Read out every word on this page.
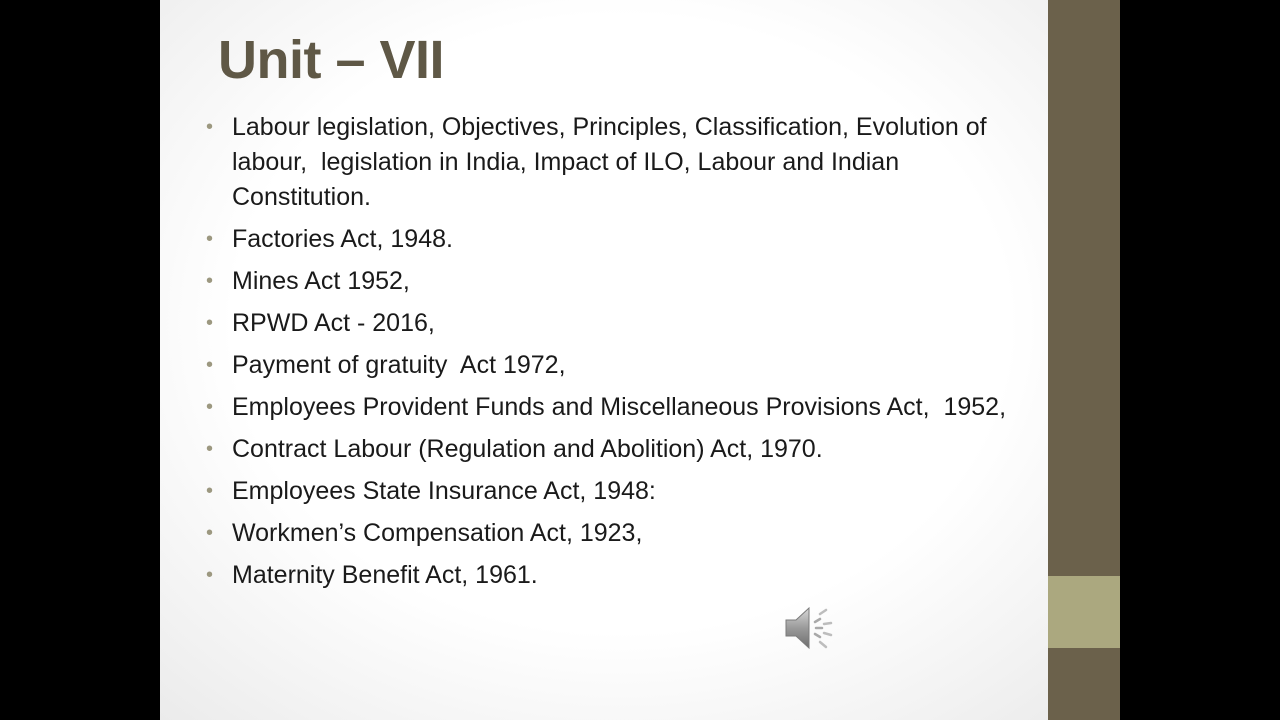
Unit – VII
• Labour legislation, Objectives, Principles, Classification, Evolution of labour,  legislation in India, Impact of ILO, Labour and Indian Constitution.
• Factories Act, 1948.
• Mines Act 1952,
• RPWD Act - 2016,
• Payment of gratuity  Act 1972,
• Employees Provident Funds and Miscellaneous Provisions Act,  1952,
• Contract Labour (Regulation and Abolition) Act, 1970.
• Employees State Insurance Act, 1948:
• Workmen’s Compensation Act, 1923,
• Maternity Benefit Act, 1961.
